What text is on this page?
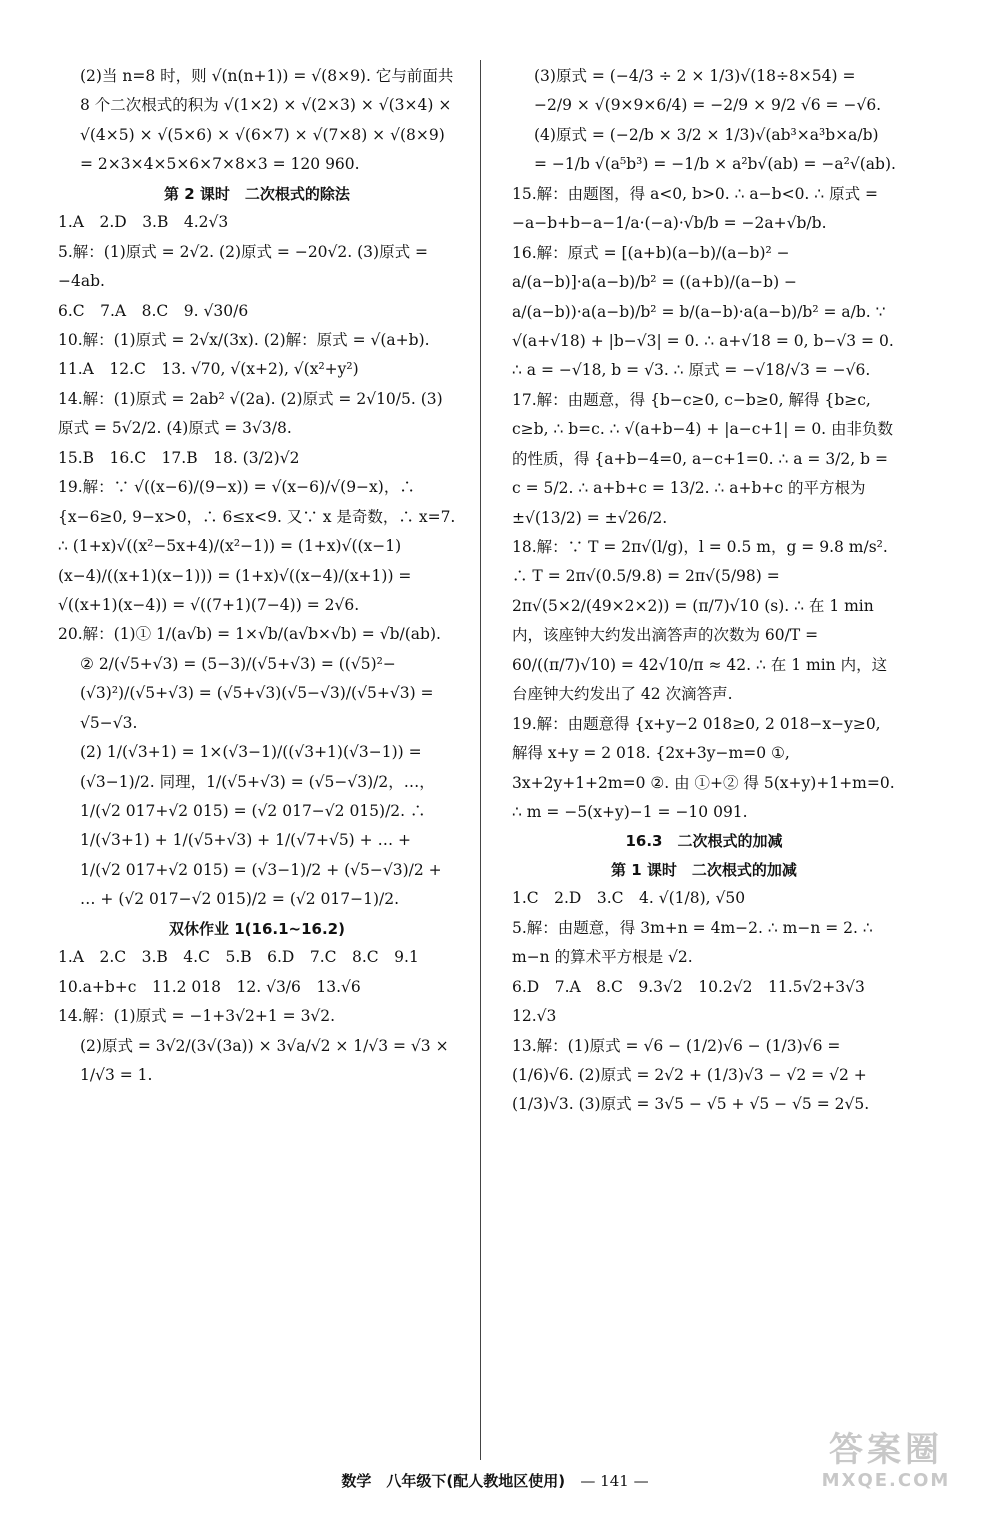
(2)当 n=8 时，则 √(n(n+1)) = √(8×9). 它与前面共 8 个二次根式的积为 √(1×2) × √(2×3) × √(3×4) × √(4×5) × √(5×6) × √(6×7) × √(7×8) × √(8×9) = 2×3×4×5×6×7×8×3 = 120 960.
第 2 课时　二次根式的除法
1.A　2.D　3.B　4.2√3
5.解：(1)原式 = 2√2. (2)原式 = −20√2. (3)原式 = −4ab.
6.C　7.A　8.C　9. √30/6
10.解：(1)原式 = 2√x/(3x). (2)解：原式 = √(a+b).
11.A　12.C　13. √70, √(x+2), √(x²+y²)
14.解：(1)原式 = 2ab² √(2a). (2)原式 = 2√10/5. (3)原式 = 5√2/2. (4)原式 = 3√3/8.
15.B　16.C　17.B　18. (3/2)√2
19.解：∵ √((x−6)/(9−x)) = √(x−6)/√(9−x)，∴ {x−6≥0, 9−x>0，∴ 6≤x<9. 又∵ x 是奇数，∴ x=7. ∴ (1+x)√((x²−5x+4)/(x²−1)) = (1+x)√((x−1)(x−4)/((x+1)(x−1))) = (1+x)√((x−4)/(x+1)) = √((x+1)(x−4)) = √((7+1)(7−4)) = 2√6.
20.解：(1)① 1/(a√b) = 1×√b/(a√b×√b) = √b/(ab).
② 2/(√5+√3) = (5−3)/(√5+√3) = ((√5)²−(√3)²)/(√5+√3) = (√5+√3)(√5−√3)/(√5+√3) = √5−√3.
(2) 1/(√3+1) = 1×(√3−1)/((√3+1)(√3−1)) = (√3−1)/2. 同理，1/(√5+√3) = (√5−√3)/2，…，1/(√2 017+√2 015) = (√2 017−√2 015)/2. ∴ 1/(√3+1) + 1/(√5+√3) + 1/(√7+√5) + … + 1/(√2 017+√2 015) = (√3−1)/2 + (√5−√3)/2 + … + (√2 017−√2 015)/2 = (√2 017−1)/2.
双休作业 1(16.1~16.2)
1.A　2.C　3.B　4.C　5.B　6.D　7.C　8.C　9.1
10.a+b+c　11.2 018　12. √3/6　13.√6
14.解：(1)原式 = −1+3√2+1 = 3√2.
(2)原式 = 3√2/(3√(3a)) × 3√a/√2 × 1/√3 = √3 × 1/√3 = 1.
(3)原式 = (−4/3 ÷ 2 × 1/3)√(18÷8×54) = −2/9 × √(9×9×6/4) = −2/9 × 9/2 √6 = −√6.
(4)原式 = (−2/b × 3/2 × 1/3)√(ab³×a³b×a/b) = −1/b √(a⁵b³) = −1/b × a²b√(ab) = −a²√(ab).
15.解：由题图，得 a<0, b>0. ∴ a−b<0. ∴ 原式 = −a−b+b−a−1/a·(−a)·√b/b = −2a+√b/b.
16.解：原式 = [(a+b)(a−b)/(a−b)² − a/(a−b)]·a(a−b)/b² = ((a+b)/(a−b) − a/(a−b))·a(a−b)/b² = b/(a−b)·a(a−b)/b² = a/b. ∵ √(a+√18) + |b−√3| = 0. ∴ a+√18 = 0, b−√3 = 0. ∴ a = −√18, b = √3. ∴ 原式 = −√18/√3 = −√6.
17.解：由题意，得 {b−c≥0, c−b≥0, 解得 {b≥c, c≥b, ∴ b=c. ∴ √(a+b−4) + |a−c+1| = 0. 由非负数的性质，得 {a+b−4=0, a−c+1=0. ∴ a = 3/2, b = c = 5/2. ∴ a+b+c = 13/2. ∴ a+b+c 的平方根为 ±√(13/2) = ±√26/2.
18.解：∵ T = 2π√(l/g)，l = 0.5 m，g = 9.8 m/s². ∴ T = 2π√(0.5/9.8) = 2π√(5/98) = 2π√(5×2/(49×2×2)) = (π/7)√10 (s). ∴ 在 1 min 内，该座钟大约发出滴答声的次数为 60/T = 60/((π/7)√10) = 42√10/π ≈ 42. ∴ 在 1 min 内，这台座钟大约发出了 42 次滴答声.
19.解：由题意得 {x+y−2 018≥0, 2 018−x−y≥0, 解得 x+y = 2 018. {2x+3y−m=0 ①, 3x+2y+1+2m=0 ②. 由 ①+② 得 5(x+y)+1+m=0. ∴ m = −5(x+y)−1 = −10 091.
16.3　二次根式的加减
第 1 课时　二次根式的加减
1.C　2.D　3.C　4. √(1/8), √50
5.解：由题意，得 3m+n = 4m−2. ∴ m−n = 2. ∴ m−n 的算术平方根是 √2.
6.D　7.A　8.C　9.3√2　10.2√2　11.5√2+3√3
12.√3
13.解：(1)原式 = √6 − (1/2)√6 − (1/3)√6 = (1/6)√6. (2)原式 = 2√2 + (1/3)√3 − √2 = √2 + (1/3)√3. (3)原式 = 3√5 − √5 + √5 − √5 = 2√5.
数学　八年级下(配人教地区使用) — 141 —
答案圈
MXQE.COM
